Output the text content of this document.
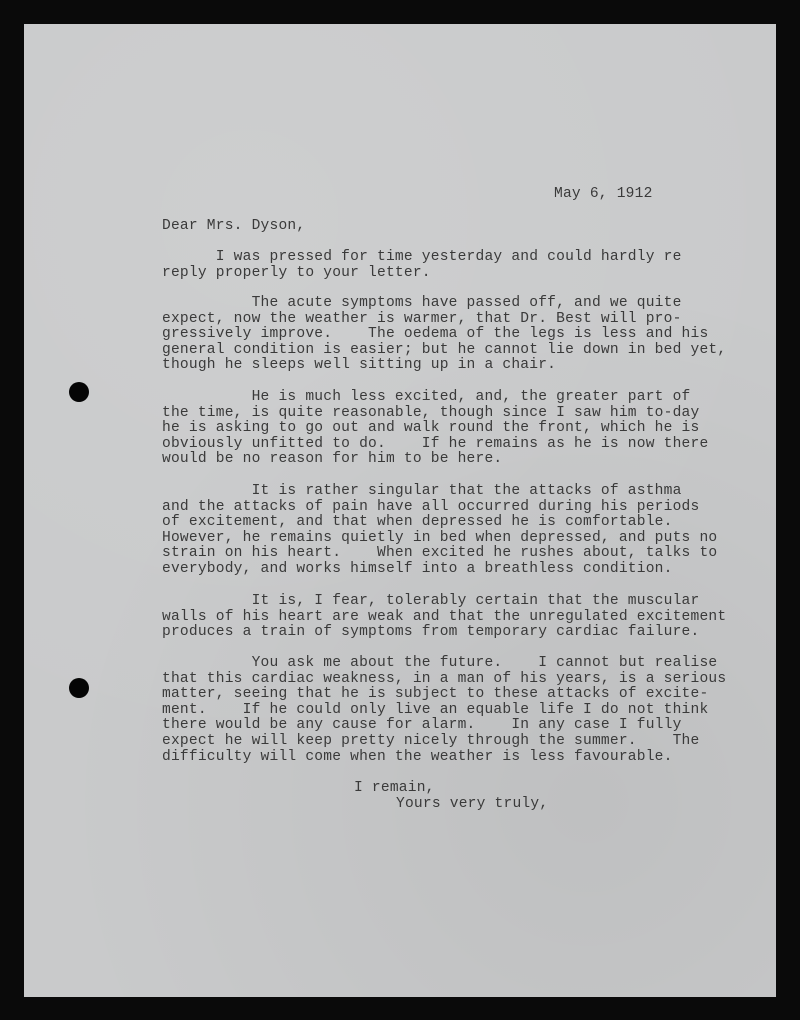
May 6, 1912

Dear Mrs. Dyson,

I was pressed for time yesterday and could hardly re
reply properly to your letter.

The acute symptoms have passed off, and we quite
expect, now the weather is warmer, that Dr. Best will pro-
gressively improve.    The oedema of the legs is less and his
general condition is easier; but he cannot lie down in bed yet,
though he sleeps well sitting up in a chair.

He is much less excited, and, the greater part of
the time, is quite reasonable, though since I saw him to-day
he is asking to go out and walk round the front, which he is
obviously unfitted to do.    If he remains as he is now there
would be no reason for him to be here.

It is rather singular that the attacks of asthma
and the attacks of pain have all occurred during his periods
of excitement, and that when depressed he is comfortable.
However, he remains quietly in bed when depressed, and puts no
strain on his heart.    When excited he rushes about, talks to
everybody, and works himself into a breathless condition.

It is, I fear, tolerably certain that the muscular
walls of his heart are weak and that the unregulated excitement
produces a train of symptoms from temporary cardiac failure.

You ask me about the future.    I cannot but realise
that this cardiac weakness, in a man of his years, is a serious
matter, seeing that he is subject to these attacks of excite-
ment.    If he could only live an equable life I do not think
there would be any cause for alarm.    In any case I fully
expect he will keep pretty nicely through the summer.    The
difficulty will come when the weather is less favourable.

I remain,

Yours very truly,
